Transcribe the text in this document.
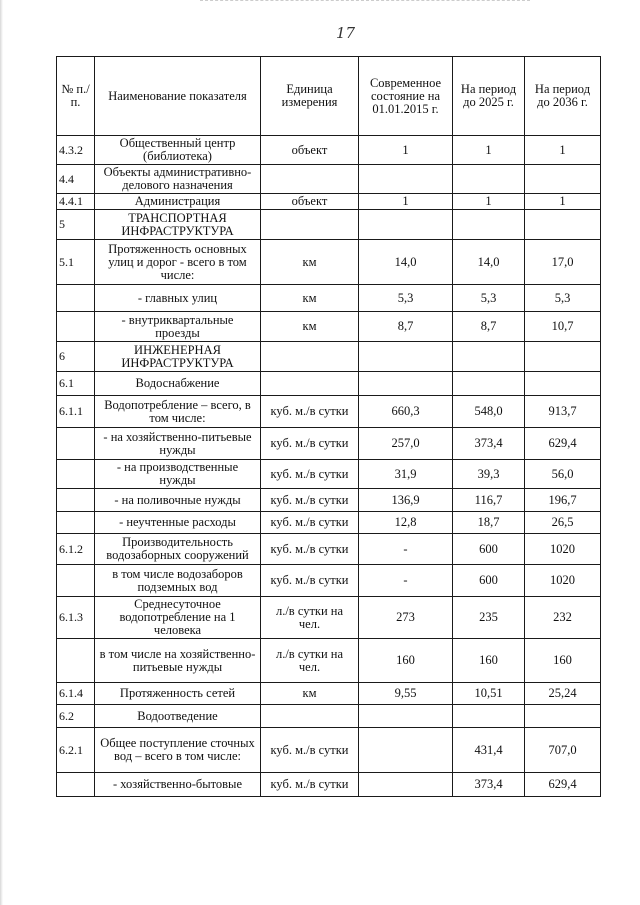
17
№ п./п.	Наименование показателя	Единица измерения	Современное состояние на 01.01.2015 г.	На период до 2025 г.	На период до 2036 г.
4.3.2	Общественный центр (библиотека)	объект	1	1	1
4.4	Объекты административно-делового назначения				
4.4.1	Администрация	объект	1	1	1
5	ТРАНСПОРТНАЯ ИНФРАСТРУКТУРА				
5.1	Протяженность основных улиц и дорог - всего в том числе:	км	14,0	14,0	17,0
	- главных улиц	км	5,3	5,3	5,3
	- внутриквартальные проезды	км	8,7	8,7	10,7
6	ИНЖЕНЕРНАЯ ИНФРАСТРУКТУРА				
6.1	Водоснабжение				
6.1.1	Водопотребление – всего, в том числе:	куб. м./в сутки	660,3	548,0	913,7
	- на хозяйственно-питьевые нужды	куб. м./в сутки	257,0	373,4	629,4
	- на производственные нужды	куб. м./в сутки	31,9	39,3	56,0
	- на поливочные нужды	куб. м./в сутки	136,9	116,7	196,7
	- неучтенные расходы	куб. м./в сутки	12,8	18,7	26,5
6.1.2	Производительность водозаборных сооружений	куб. м./в сутки	-	600	1020
	в том числе водозаборов подземных вод	куб. м./в сутки	-	600	1020
6.1.3	Среднесуточное водопотребление на 1 человека	л./в сутки на чел.	273	235	232
	в том числе на хозяйственно-питьевые нужды	л./в сутки на чел.	160	160	160
6.1.4	Протяженность сетей	км	9,55	10,51	25,24
6.2	Водоотведение				
6.2.1	Общее поступление сточных вод – всего в том числе:	куб. м./в сутки		431,4	707,0
	- хозяйственно-бытовые	куб. м./в сутки		373,4	629,4
